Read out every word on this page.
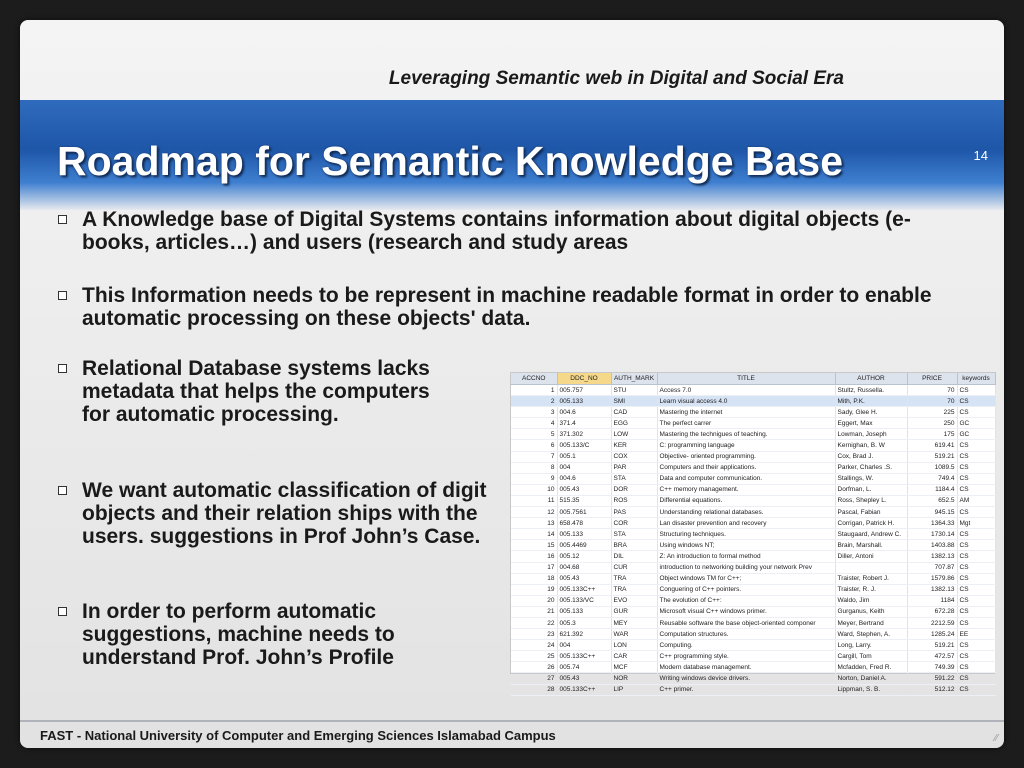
Leveraging Semantic web in Digital and Social Era
Roadmap for Semantic Knowledge Base	14
A Knowledge base of Digital Systems contains information about digital objects (e-books, articles…) and users (research and study areas
This Information needs to be represent in machine readable format in order to enable automatic processing on these objects' data.
Relational Database systems lacks metadata that helps the computers for automatic processing.
We want automatic classification of digit objects and their relation ships with the users. suggestions in Prof John’s Case.
In order to perform automatic suggestions, machine needs to understand Prof. John’s Profile
ACCNO	DDC_NO	AUTH_MARK	TITLE	AUTHOR	PRICE	keywords
1	005.757	STU	Access 7.0	Stultz, Russella.	70	CS
2	005.133	SMI	Learn visual access 4.0	Mith, P.K.	70	CS
3	004.6	CAD	Mastering the internet	Sady, Glee H.	225	CS
4	371.4	EGG	The perfect carrer	Eggert, Max	250	GC
5	371.302	LOW	Mastering the technigues of teaching.	Lowman, Joseph	175	GC
6	005.133/C	KER	C: programming language	Kernighan, B. W	619.41	CS
7	005.1	COX	Objective- oriented programming.	Cox, Brad J.	519.21	CS
8	004	PAR	Computers and their applications.	Parker, Charles .S.	1089.5	CS
9	004.6	STA	Data and computer communication.	Stallings, W.	749.4	CS
10	005.43	DOR	C++ memory management.	Dorfman, L.	1184.4	CS
11	515.35	ROS	Differential equations.	Ross, Shepley L.	652.5	AM
12	005.7561	PAS	Understanding relational databases.	Pascal, Fabian	945.15	CS
13	658.478	COR	Lan disaster prevention and recovery	Corrigan, Patrick H.	1364.33	Mgt
14	005.133	STA	Structuring techniques.	Staugaard, Andrew C.	1730.14	CS
15	005.4469	BRA	Using windows NT;	Brain, Marshall.	1403.88	CS
16	005.12	DIL	Z: An introduction to formal method	Diller, Antoni	1382.13	CS
17	004.68	CUR	introduction to networking building your network Prev		707.87	CS
18	005.43	TRA	Object windows TM for C++;	Traister, Robert J.	1579.86	CS
19	005.133C++	TRA	Conguering of C++ pointers.	Traister, R. J.	1382.13	CS
20	005.133/VC	EVO	The evolution of C++:	Waldo, Jim	1184	CS
21	005.133	GUR	Microsoft visual C++ windows primer.	Gurganus, Keith	672.28	CS
22	005.3	MEY	Reusable software the base object-oriented componer	Meyer, Bertrand	2212.59	CS
23	621.392	WAR	Computation structures.	Ward, Stephen, A.	1285.24	EE
24	004	LON	Computing.	Long, Larry.	519.21	CS
25	005.133C++	CAR	C++ programming style.	Cargill, Tom	472.57	CS
26	005.74	MCF	Modern database management.	Mcfadden, Fred R.	749.39	CS
27	005.43	NOR	Writing windows device drivers.	Norton, Daniel A.	591.22	CS
28	005.133C++	LIP	C++ primer.	Lippman, S. B.	512.12	CS
FAST - National University of Computer and Emerging Sciences Islamabad Campus	⁄⁄
